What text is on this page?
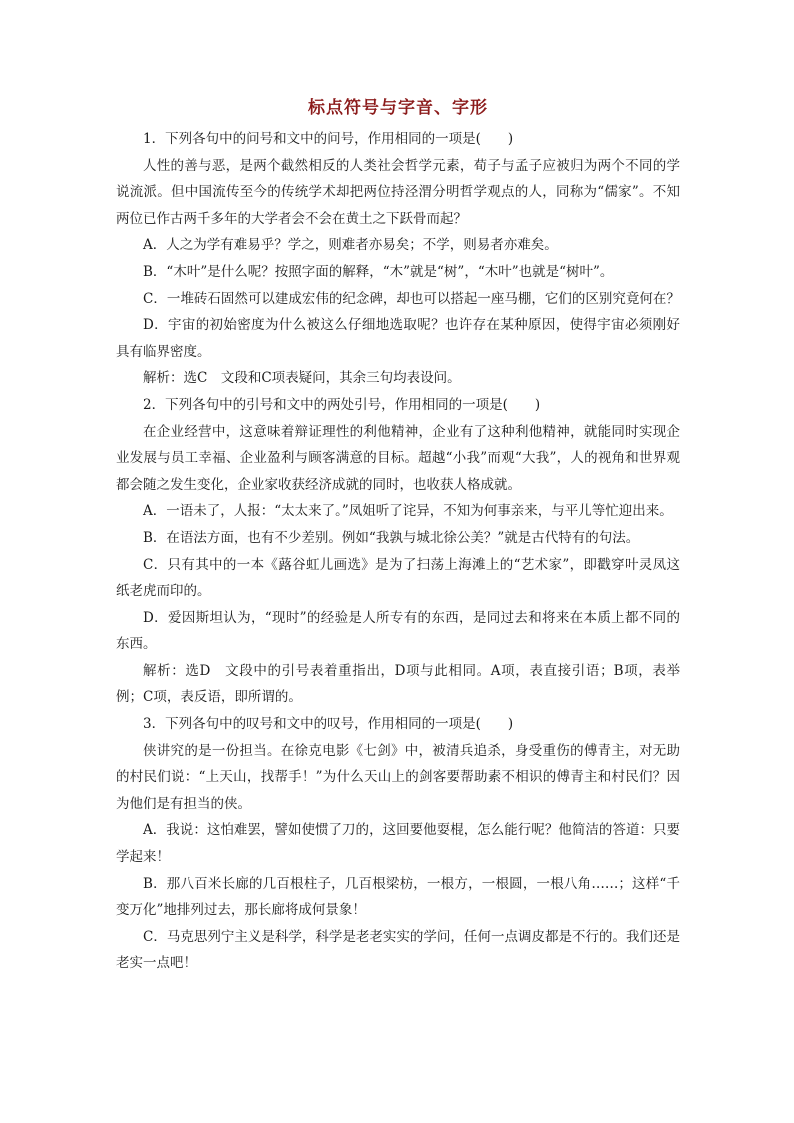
标点符号与字音、字形

1．下列各句中的问号和文中的问号，作用相同的一项是(　　)

人性的善与恶，是两个截然相反的人类社会哲学元素，荀子与孟子应被归为两个不同的学说流派。但中国流传至今的传统学术却把两位持泾渭分明哲学观点的人，同称为“儒家”。不知两位已作古两千多年的大学者会不会在黄土之下跃骨而起？

A．人之为学有难易乎？学之，则难者亦易矣；不学，则易者亦难矣。

B．“木叶”是什么呢？按照字面的解释，“木”就是“树”，“木叶”也就是“树叶”。

C．一堆砖石固然可以建成宏伟的纪念碑，却也可以搭起一座马棚，它们的区别究竟何在？

D．宇宙的初始密度为什么被这么仔细地选取呢？也许存在某种原因，使得宇宙必须刚好具有临界密度。

解析：选C　文段和C项表疑问，其余三句均表设问。

2．下列各句中的引号和文中的两处引号，作用相同的一项是(　　)

在企业经营中，这意味着辩证理性的利他精神，企业有了这种利他精神，就能同时实现企业发展与员工幸福、企业盈利与顾客满意的目标。超越“小我”而观“大我”，人的视角和世界观都会随之发生变化，企业家收获经济成就的同时，也收获人格成就。

A．一语未了，人报：“太太来了。”凤姐听了诧异，不知为何事亲来，与平儿等忙迎出来。

B．在语法方面，也有不少差别。例如“我孰与城北徐公美？”就是古代特有的句法。

C．只有其中的一本《蕗谷虹儿画选》是为了扫荡上海滩上的“艺术家”，即戳穿叶灵凤这纸老虎而印的。

D．爱因斯坦认为，“现时”的经验是人所专有的东西，是同过去和将来在本质上都不同的东西。

解析：选D　文段中的引号表着重指出，D项与此相同。A项，表直接引语；B项，表举例；C项，表反语，即所谓的。

3．下列各句中的叹号和文中的叹号，作用相同的一项是(　　)

侠讲究的是一份担当。在徐克电影《七剑》中，被清兵追杀，身受重伤的傅青主，对无助的村民们说：“上天山，找帮手！”为什么天山上的剑客要帮助素不相识的傅青主和村民们？因为他们是有担当的侠。

A．我说：这怕难罢，譬如使惯了刀的，这回要他耍棍，怎么能行呢？他简洁的答道：只要学起来！

B．那八百米长廊的几百根柱子，几百根梁枋，一根方，一根圆，一根八角……；这样“千变万化”地排列过去，那长廊将成何景象！

C．马克思列宁主义是科学，科学是老老实实的学问，任何一点调皮都是不行的。我们还是老实一点吧！
